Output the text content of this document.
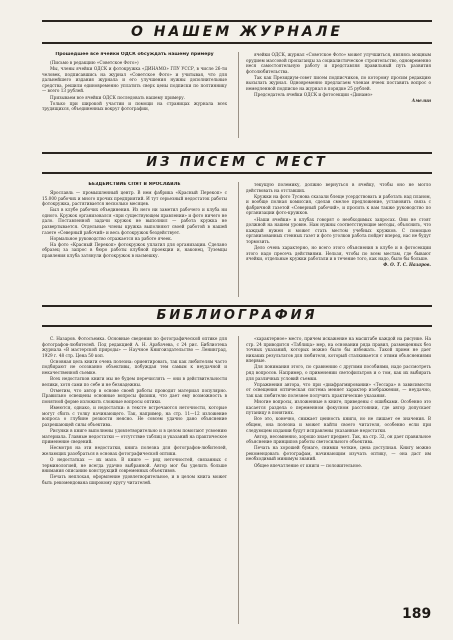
О НАШЕМ ЖУРНАЛЕ

Прошедшее все ячейки ОДСК обсуждать нашему примеру

(Письмо в редакцию «Советское Фото»)

Мы, члены ячейки ОДСК и фотокружка «ДИНАМО» ГПУ УССР, в числе 26-ти человек, подписавшись на журнал «Советское Фото» и учитывая, что для дальнейшего издания журнала и его улучшения нужны дополнительные средства, решили единовременно уплатить сверх цены подписки по полтиннику — всего 13 рублей.

Призываем все ячейки ОДСК последовать нашему примеру.

Только при широкой участии и помощи на страницах журнала всех трудящихся, объединенных вокруг фотографии,

ячейки ОДСК, журнал «Советское Фото» может улучшиться, являясь мощным орудием массовой пропаганды за социалистическое строительство, одновременно неся самостоятельную работу и представляя правильный путь развития фотолюбительства.

Так как Президиум-совет писем подписчиков, по которому просим редакцию высылать журнал. Одновременно предлагаем членам ячеек поставить вопрос о немедленной подписке на журнал в порядке 25 рублей.

Председатель ячейки ОДСК и фотосекции «Динамо»

Амелин

ИЗ ПИСЕМ С МЕСТ

БЕЗДЕЙСТВИЕ СПЯТ В ЯРОСЛАВЛЕ

Ярославль — промышленный центр. В нем фабрика «Красный Перекоп» с 15.000 рабочих и много прочих предприятий. И тут серьезный недостаток работы фотокружка, растягивается несколько месяцев.

Был в клубе рабочих объединения. Из него ни заметил рабочего и клуба ни одного. Кружок организовался «при существующем правлении» и фото ничего не дало. Поставленной задачи кружок не выполнил — работа кружка не развертывается. Отдельные члены кружка выполняют своей работой в нашей газете «Северный рабочий» и весь фотокружок бездействует.

Нормальное руководство отражается на работе ячеек.

На фото «Красный Перекоп» фотокружок уплатил для организации. Сделано образец за запрос в бюро работы клубной проекции и, наконец, Туземцы правления клуба затянули фотокружок в насмешку.

текущую полемику, должно вернуться в ячейку, чтобы оно не могло действовать на отставших.

Кружки на фото Туснова сказали блеще усердствовать и работать над планом, и вообще полная комиссия, сделав смелое предложение, установить связь с фабричной газетой «Северный рабочий», и просить к вам также руководство по организации фото-кружков.

«Наши ячейки» в клубах говорят о необходимых запросах. Они не стоят должной на нашем уровне. Нам нужны соответствующие методы, объяснить, что каждый нужен и может стать местом учебных кружков. С помощью организованных стенных газет и фото уголков работа пойдет вперед, нас не будут тормозить.

Дело очень характерно, но всего этого объяснения в клубе и в фотосекции этого надо пресечь действиями. Нельзя, чтобы по всем местам, где бывают ячейки, отдельные кружки работали и в течение того, как надо, было бы больше.

Ф. О. Т. С. Назаров.

БИБЛИОГРАФИЯ

С. Назаров. Фотосъемка. Основные сведения по фотографической оптике для фотографов-любителей. Под редакцией А. Н. Арабачева, с 24 рис. Библиотека журнала «В мастерской природы» — Научное Книгоиздательство — Ленинград, 1929 г. 48 стр. Цена 50 коп.

Основная цель книги очень полезна: ориентировать, так как любителям часто подбирают не осознанно объективы, побуждая тем самым к неудачной и некачественной съемке.

Всех недостатков книги мы не будем перечислять — они в действительности велики, хотя сами по себе и не безнадежны.

Отметим, что автор в основе своей работы проводит материал популярно. Правильно освещены основные вопросы физики, что дает ему возможность в понятной форме изложить сложные вопросы оптики.

Имеются, однако, и недостатки: в тексте встречаются неточности, которые могут сбить с толку начинающего. Так, например, на стр. 11—12 изложение вопроса о глубине резкости неясно. Не совсем удачно дано объяснение разрешающей силы объектива.

Рисунки в книге выполнены удовлетворительно и в целом помогают усвоению материала. Главные недостатки — отсутствие таблиц и указаний на практическое применение сведений.

Несмотря на эти недостатки, книга полезна для фотографов-любителей, желающих разобраться в основах фотографической оптики.

О недостатках — их мало. В книге — ряд неточностей, связанных с терминологией, не всегда удачно выбранной. Автор мог бы уделить больше внимания описанию конструкций современных объективов.

Печать неплохая, оформление удовлетворительное, и в целом книга может быть рекомендована широкому кругу читателей.

«характерное» место, причем искажение на масштабе каждой на рисунке. На стр. 24 приводится «Таблица» мер, на основании ряда правил, размещенных без точных указаний, которых можно было бы избежать. Такой прием не дает никаких результатов для любителя, который сталкивается с этими объяснениями впервые.

Для понимания этого, по сравнению с другими пособиями, надо рассмотреть ряд вопросов. Например, о применении светофильтров и о том, как их выбирать для различных условий съемки.

Упражнения автора, что при «диафрагмировании» «Тессара» в зависимости от освещения оптическая система меняет характер изображения, — неудачно, так как любителю полезнее получить практические указания.

Многие вопросы, изложенные в книге, приведены с ошибками. Особенно это касается раздела о переменном фокусном расстоянии, где автор допускает путаницу в понятиях.

Все это, конечно, снижает ценность книги, но не лишает ее значения. В общем, она полезна и может найти своего читателя, особенно если при следующем издании будут исправлены указанные недостатки.

Автор, несомненно, хорошо знает предмет. Так, на стр. 32, он дает правильное объяснение принципов работы светосильного объектива.

Печать на хорошей бумаге, снимки четкие, цена доступная. Книгу можно рекомендовать фотографам, начинающим изучать оптику, — она даст им необходимый минимум знаний.

Общее впечатление от книги — положительное.

189
